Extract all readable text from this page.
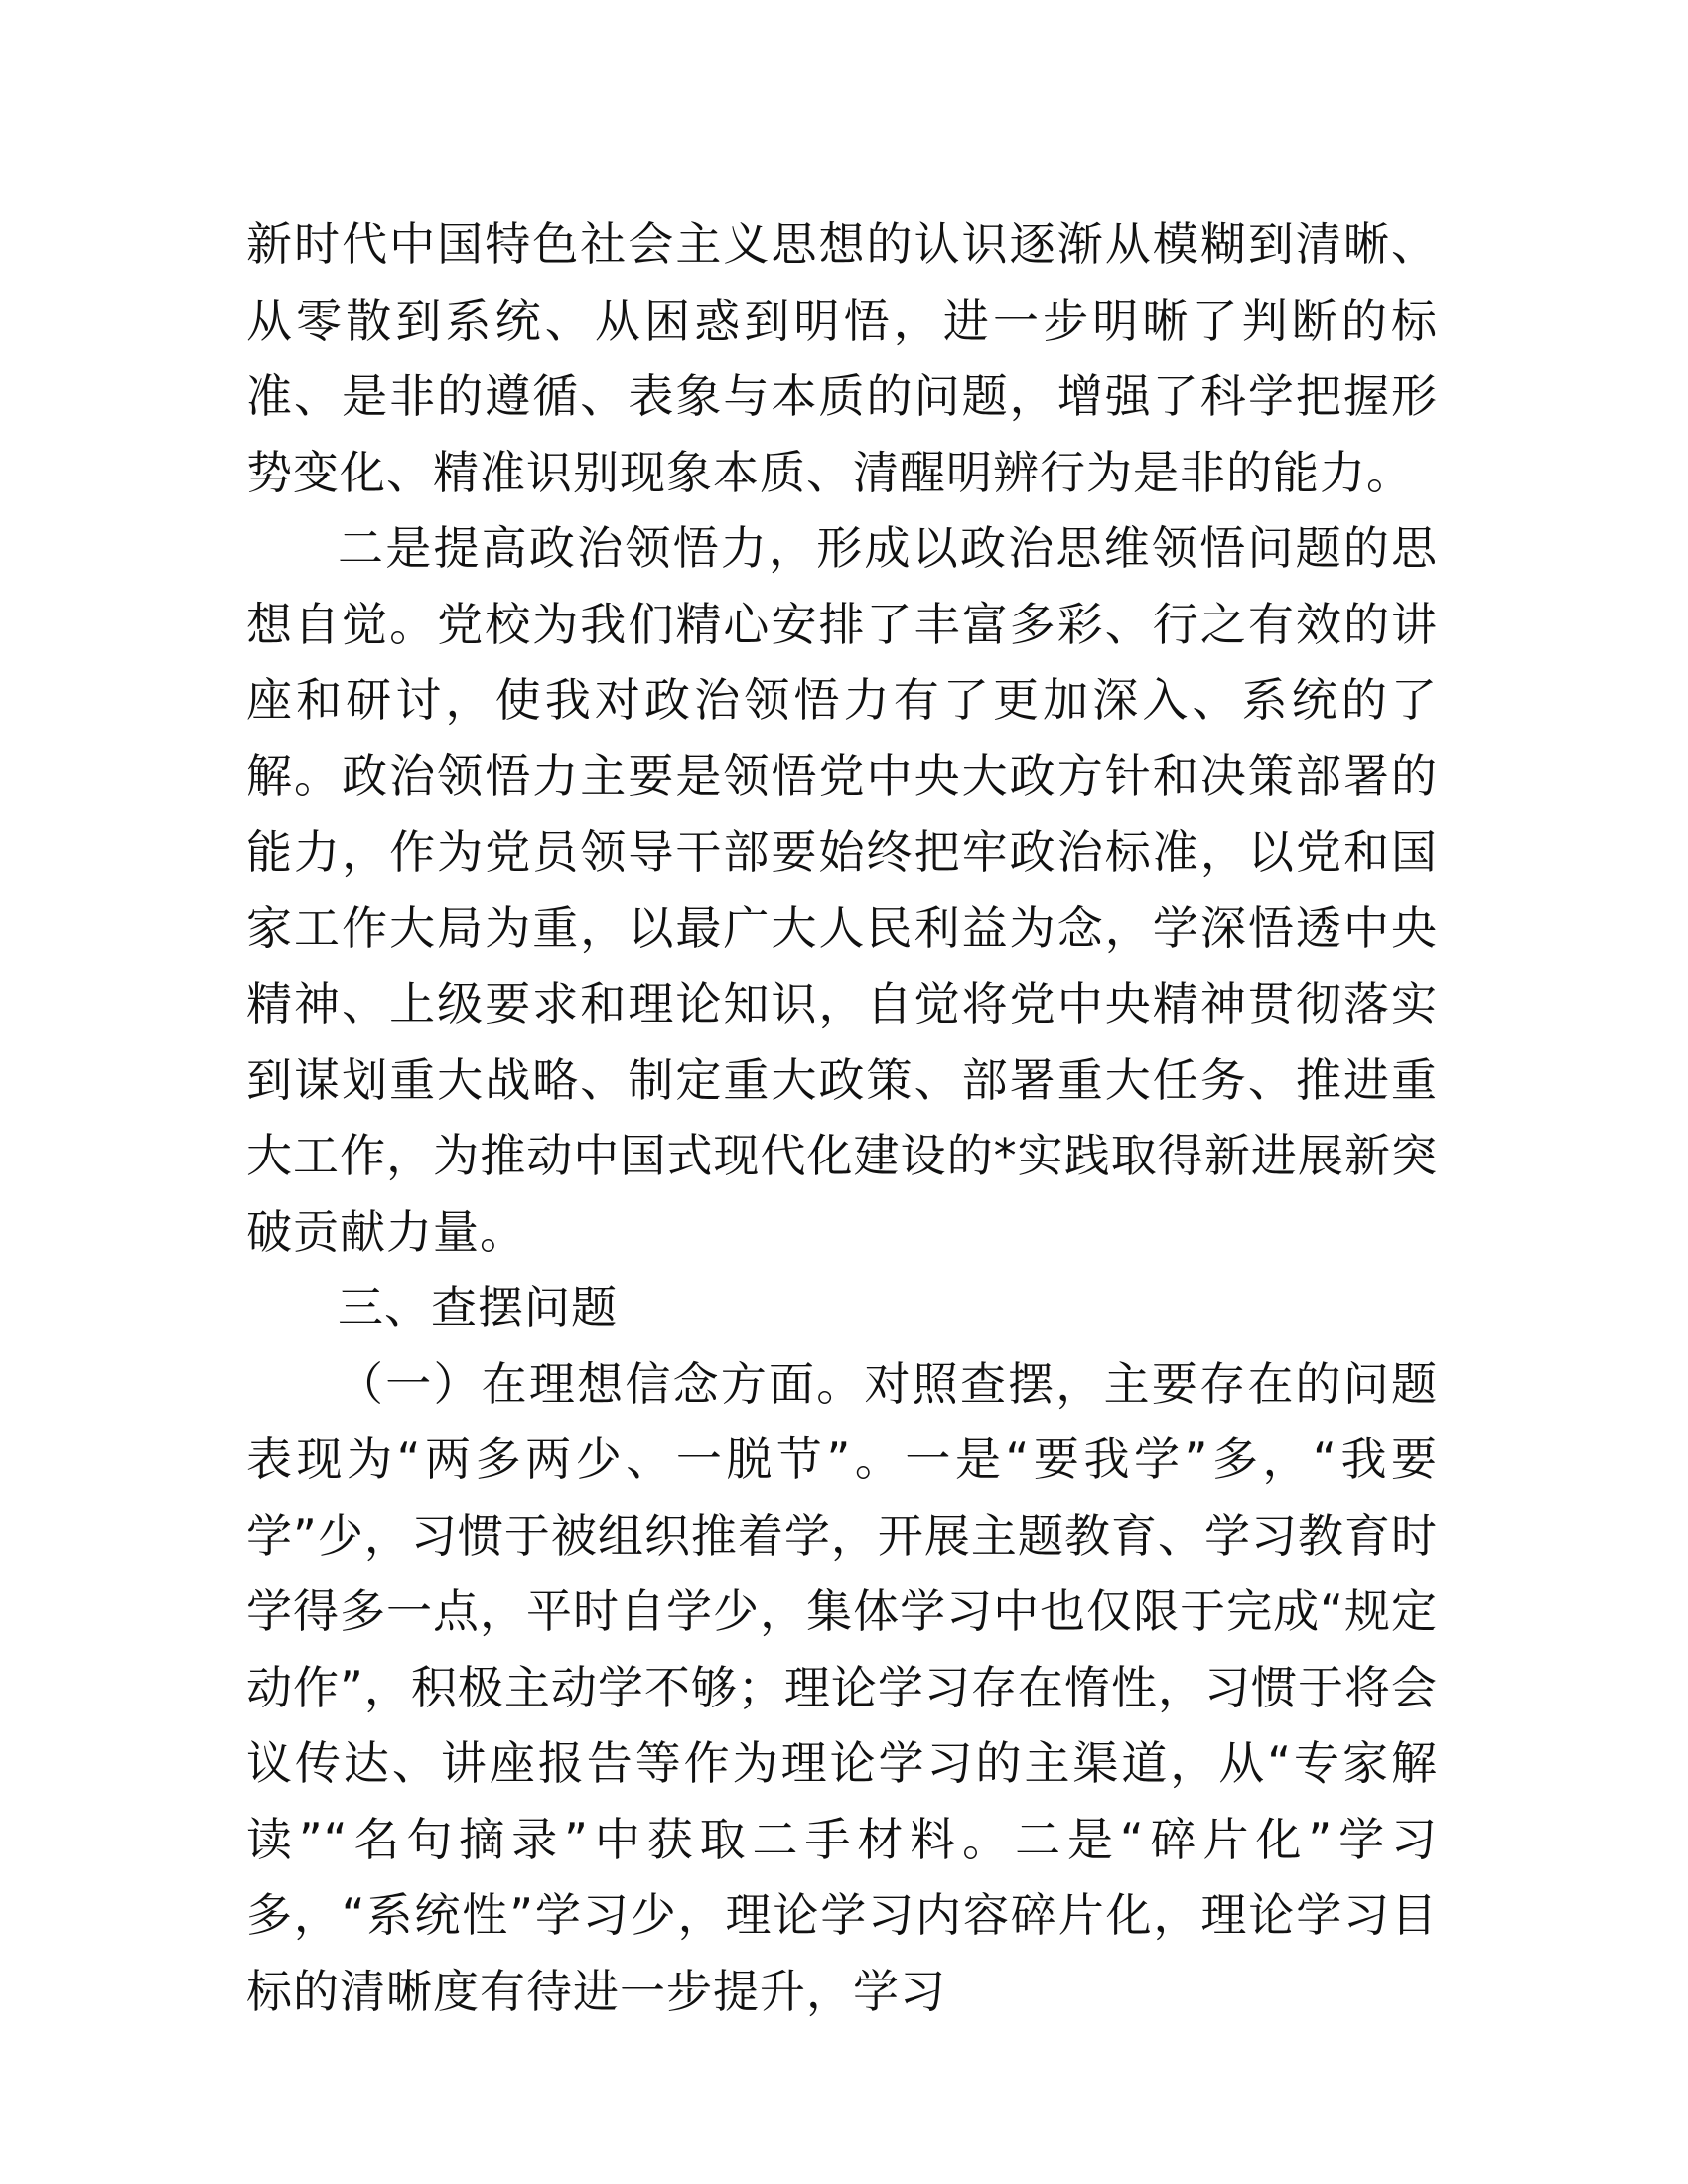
新时代中国特色社会主义思想的认识逐渐从模糊到清晰、从零散到系统、从困惑到明悟，进一步明晰了判断的标准、是非的遵循、表象与本质的问题，增强了科学把握形势变化、精准识别现象本质、清醒明辨行为是非的能力。

二是提高政治领悟力，形成以政治思维领悟问题的思想自觉。党校为我们精心安排了丰富多彩、行之有效的讲座和研讨，使我对政治领悟力有了更加深入、系统的了解。政治领悟力主要是领悟党中央大政方针和决策部署的能力，作为党员领导干部要始终把牢政治标准，以党和国家工作大局为重，以最广大人民利益为念，学深悟透中央精神、上级要求和理论知识，自觉将党中央精神贯彻落实到谋划重大战略、制定重大政策、部署重大任务、推进重大工作，为推动中国式现代化建设的*实践取得新进展新突破贡献力量。

三、查摆问题

（一）在理想信念方面。对照查摆，主要存在的问题表现为“两多两少、一脱节”。一是“要我学”多，“我要学”少，习惯于被组织推着学，开展主题教育、学习教育时学得多一点，平时自学少，集体学习中也仅限于完成“规定动作”，积极主动学不够；理论学习存在惰性，习惯于将会议传达、讲座报告等作为理论学习的主渠道，从“专家解读”“名句摘录”中获取二手材料。二是“碎片化”学习多，“系统性”学习少，理论学习内容碎片化，理论学习目标的清晰度有待进一步提升，学习
